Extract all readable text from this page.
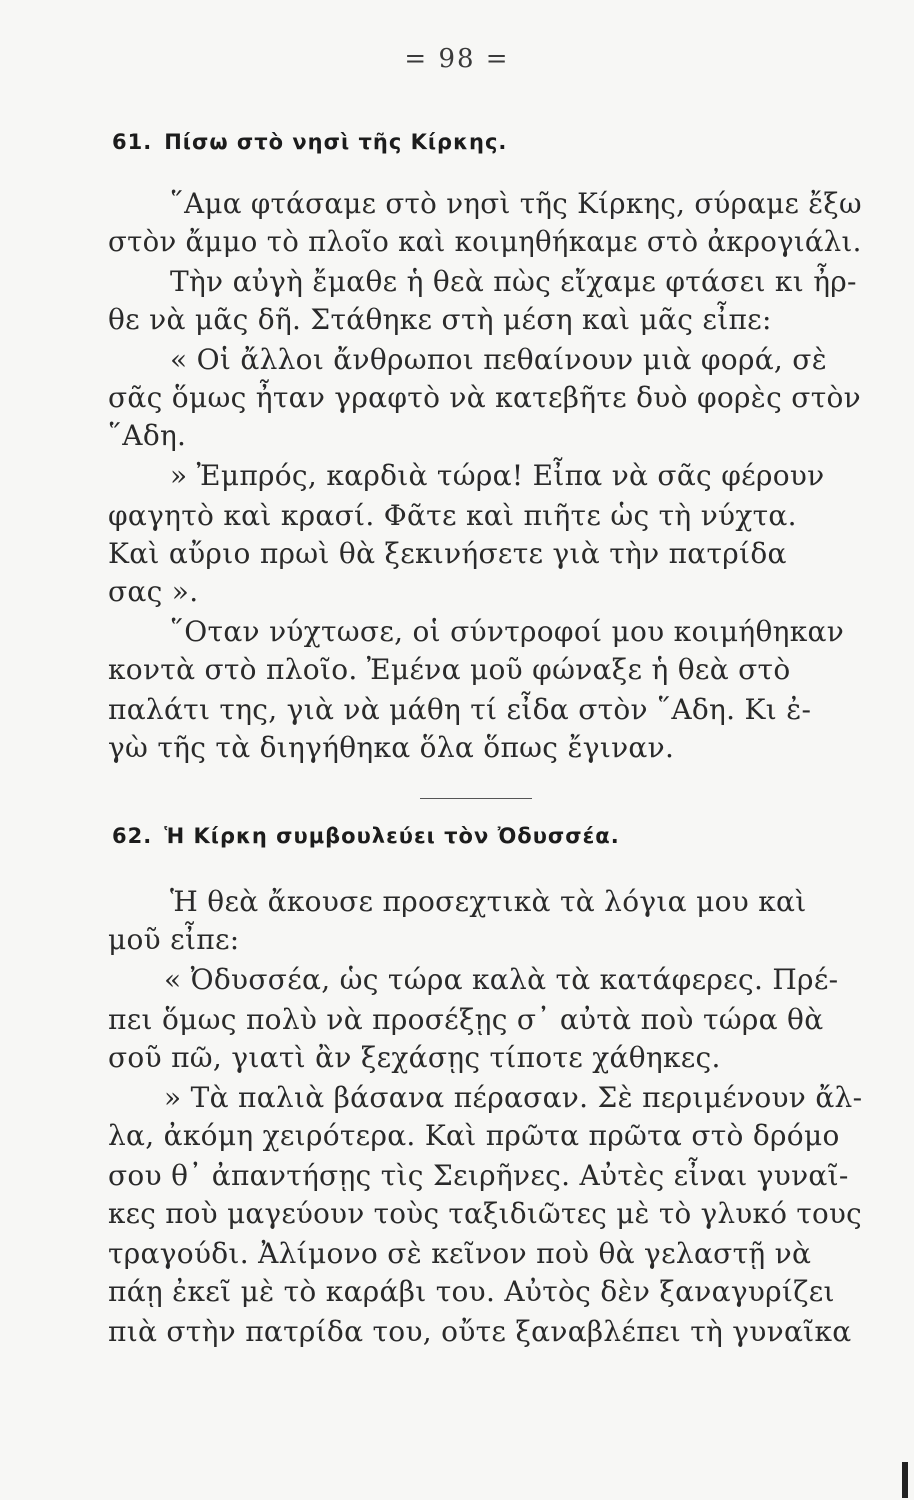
= 98 =
61. Πίσω στὸ νησὶ τῆς Κίρκης.
῞Αμα φτάσαμε στὸ νησὶ τῆς Κίρκης, σύραμε ἔξω
στὸν ἄμμο τὸ πλοῖο καὶ κοιμηθήκαμε στὸ ἀκρογιάλι.
Τὴν αὐγὴ ἔμαθε ἡ θεὰ πὼς εἴχαμε φτάσει κι ἦρ-
θε νὰ μᾶς δῆ. Στάθηκε στὴ μέση καὶ μᾶς εἶπε:
« Οἱ ἄλλοι ἄνθρωποι πεθαίνουν μιὰ φορά, σὲ
σᾶς ὅμως ἦταν γραφτὸ νὰ κατεβῆτε δυὸ φορὲς στὸν
῞Αδη.
» Ἐμπρός, καρδιὰ τώρα! Εἶπα νὰ σᾶς φέρουν
φαγητὸ καὶ κρασί. Φᾶτε καὶ πιῆτε ὡς τὴ νύχτα.
Καὶ αὔριο πρωὶ θὰ ξεκινήσετε γιὰ τὴν πατρίδα
σας ».
῞Οταν νύχτωσε, οἱ σύντροφοί μου κοιμήθηκαν
κοντὰ στὸ πλοῖο. Ἐμένα μοῦ φώναξε ἡ θεὰ στὸ
παλάτι της, γιὰ νὰ μάθη τί εἶδα στὸν ῞Αδη. Κι ἐ-
γὼ τῆς τὰ διηγήθηκα ὅλα ὅπως ἔγιναν.
62. Ἡ Κίρκη συμβουλεύει τὸν Ὀδυσσέα.
Ἡ θεὰ ἄκουσε προσεχτικὰ τὰ λόγια μου καὶ
μοῦ εἶπε:
« Ὀδυσσέα, ὡς τώρα καλὰ τὰ κατάφερες. Πρέ-
πει ὅμως πολὺ νὰ προσέξῃς σ᾿ αὐτὰ ποὺ τώρα θὰ
σοῦ πῶ, γιατὶ ἂν ξεχάσῃς τίποτε χάθηκες.
» Τὰ παλιὰ βάσανα πέρασαν. Σὲ περιμένουν ἄλ-
λα, ἀκόμη χειρότερα. Καὶ πρῶτα πρῶτα στὸ δρόμο
σου θ᾿ ἀπαντήσῃς τὶς Σειρῆνες. Αὐτὲς εἶναι γυναῖ-
κες ποὺ μαγεύουν τοὺς ταξιδιῶτες μὲ τὸ γλυκό τους
τραγούδι. Ἀλίμονο σὲ κεῖνον ποὺ θὰ γελαστῇ νὰ
πάῃ ἐκεῖ μὲ τὸ καράβι του. Αὐτὸς δὲν ξαναγυρίζει
πιὰ στὴν πατρίδα του, οὔτε ξαναβλέπει τὴ γυναῖκα
